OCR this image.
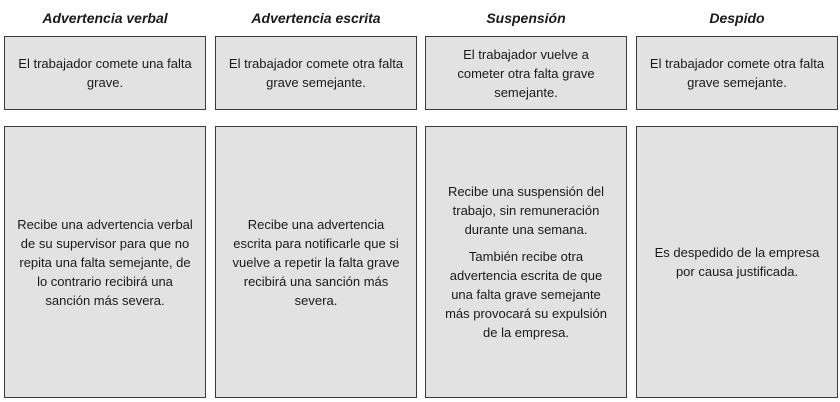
Advertencia verbal

El trabajador comete una falta grave.

Recibe una advertencia verbal de su supervisor para que no repita una falta semejante, de lo contrario recibirá una sanción más severa.

Advertencia escrita

El trabajador comete otra falta grave semejante.

Recibe una advertencia escrita para notificarle que si vuelve a repetir la falta grave recibirá una sanción más severa.

Suspensión

El trabajador vuelve a cometer otra falta grave semejante.

Recibe una suspensión del trabajo, sin remuneración durante una semana.

También recibe otra advertencia escrita de que una falta grave semejante más provocará su expulsión de la empresa.

Despido

El trabajador comete otra falta grave semejante.

Es despedido de la empresa por causa justificada.
